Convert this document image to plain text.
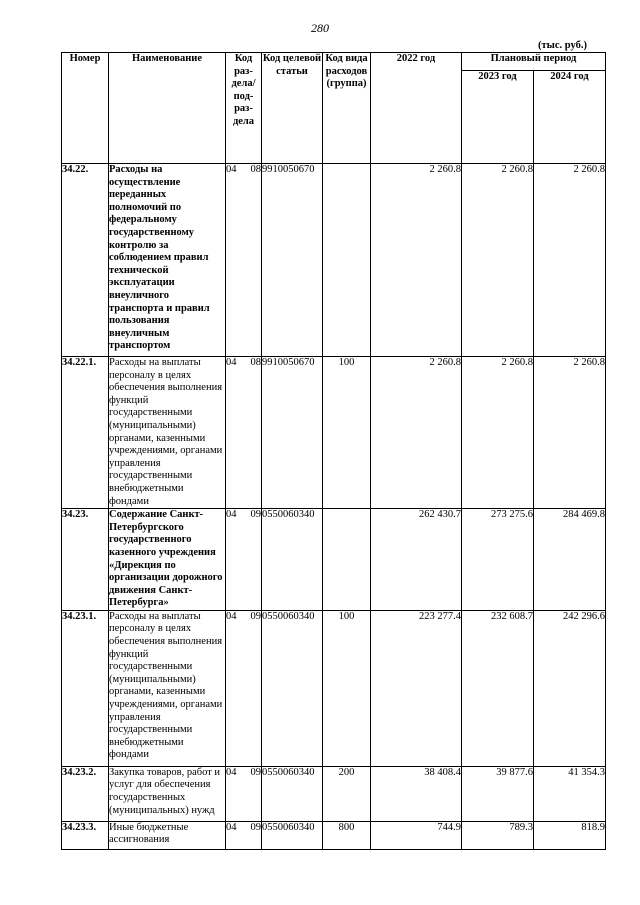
280
(тыс. руб.)
Номер	Наименование	Код раз-дела/ под-раз-дела	Код целевой статьи	Код вида расходов (группа)	2022 год	Плановый период	
						2023 год	2024 год
34.22.	Расходы на осуществление переданных полномочий по федеральному государственному контролю за соблюдением правил технической эксплуатации внеуличного транспорта и правил пользования внеуличным транспортом	04 08	9910050670		2 260.8	2 260.8	2 260.8
34.22.1.	Расходы на выплаты персоналу в целях обеспечения выполнения функций государственными (муниципальными) органами, казенными учреждениями, органами управления государственными внебюджетными фондами	04 08	9910050670	100	2 260.8	2 260.8	2 260.8
34.23.	Содержание Санкт-Петербургского государственного казенного учреждения «Дирекция по организации дорожного движения Санкт-Петербурга»	04 09	0550060340		262 430.7	273 275.6	284 469.8
34.23.1.	Расходы на выплаты персоналу в целях обеспечения выполнения функций государственными (муниципальными) органами, казенными учреждениями, органами управления государственными внебюджетными фондами	04 09	0550060340	100	223 277.4	232 608.7	242 296.6
34.23.2.	Закупка товаров, работ и услуг для обеспечения государственных (муниципальных) нужд	04 09	0550060340	200	38 408.4	39 877.6	41 354.3
34.23.3.	Иные бюджетные ассигнования	04 09	0550060340	800	744.9	789.3	818.9
